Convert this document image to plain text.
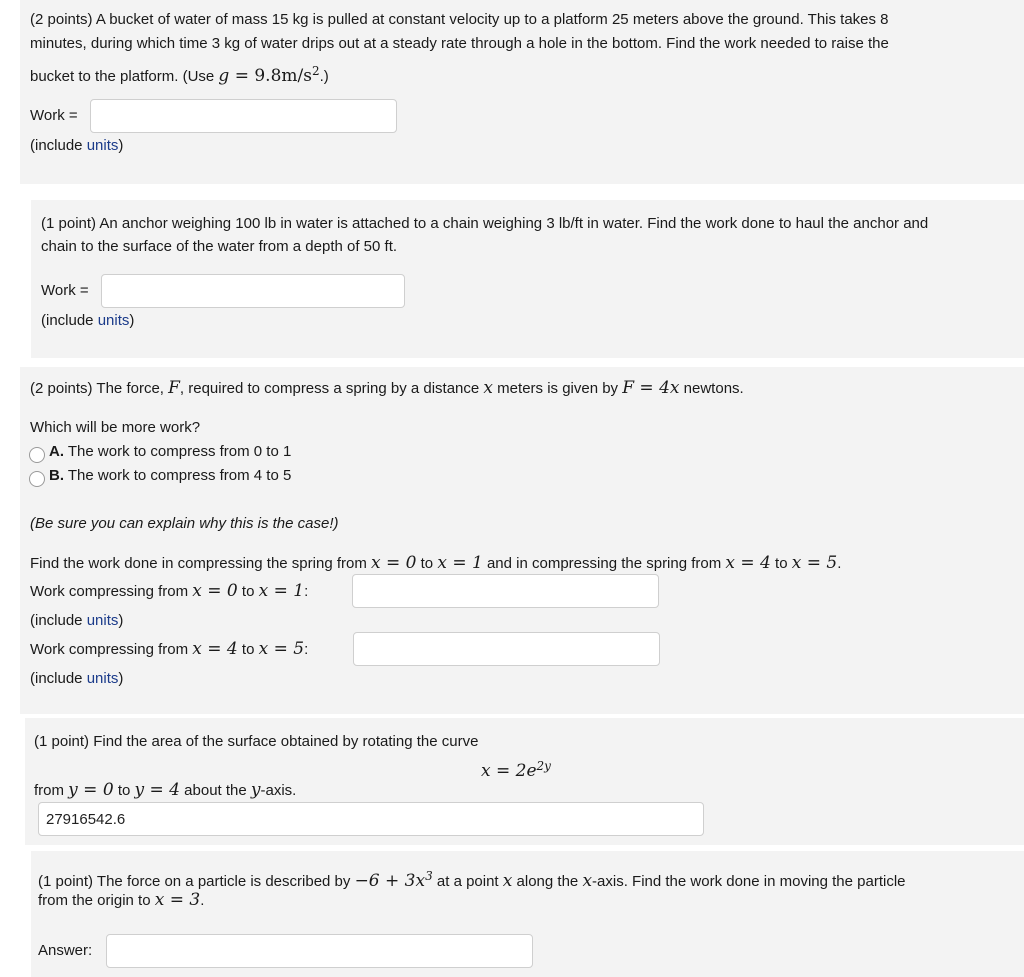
(2 points) A bucket of water of mass 15 kg is pulled at constant velocity up to a platform 25 meters above the ground. This takes 8
minutes, during which time 3 kg of water drips out at a steady rate through a hole in the bottom. Find the work needed to raise the
bucket to the platform. (Use $g = 9.8m/s^2$.)
Work =
(include units)
(1 point) An anchor weighing 100 lb in water is attached to a chain weighing 3 lb/ft in water. Find the work done to haul the anchor and
chain to the surface of the water from a depth of 50 ft.
Work =
(include units)
(2 points) The force, F, required to compress a spring by a distance x meters is given by F = 4x newtons.
Which will be more work?
A. The work to compress from 0 to 1
B. The work to compress from 4 to 5
(Be sure you can explain why this is the case!)
Find the work done in compressing the spring from x = 0 to x = 1 and in compressing the spring from x = 4 to x = 5.
Work compressing from x = 0 to x = 1:
(include units)
Work compressing from x = 4 to x = 5:
(include units)
(1 point) Find the area of the surface obtained by rotating the curve
$x = 2e^{2y}$
from y = 0 to y = 4 about the y-axis.
27916542.6
(1 point) The force on a particle is described by $-6 + 3x^3$ at a point x along the x-axis. Find the work done in moving the particle
from the origin to x = 3.
Answer:
